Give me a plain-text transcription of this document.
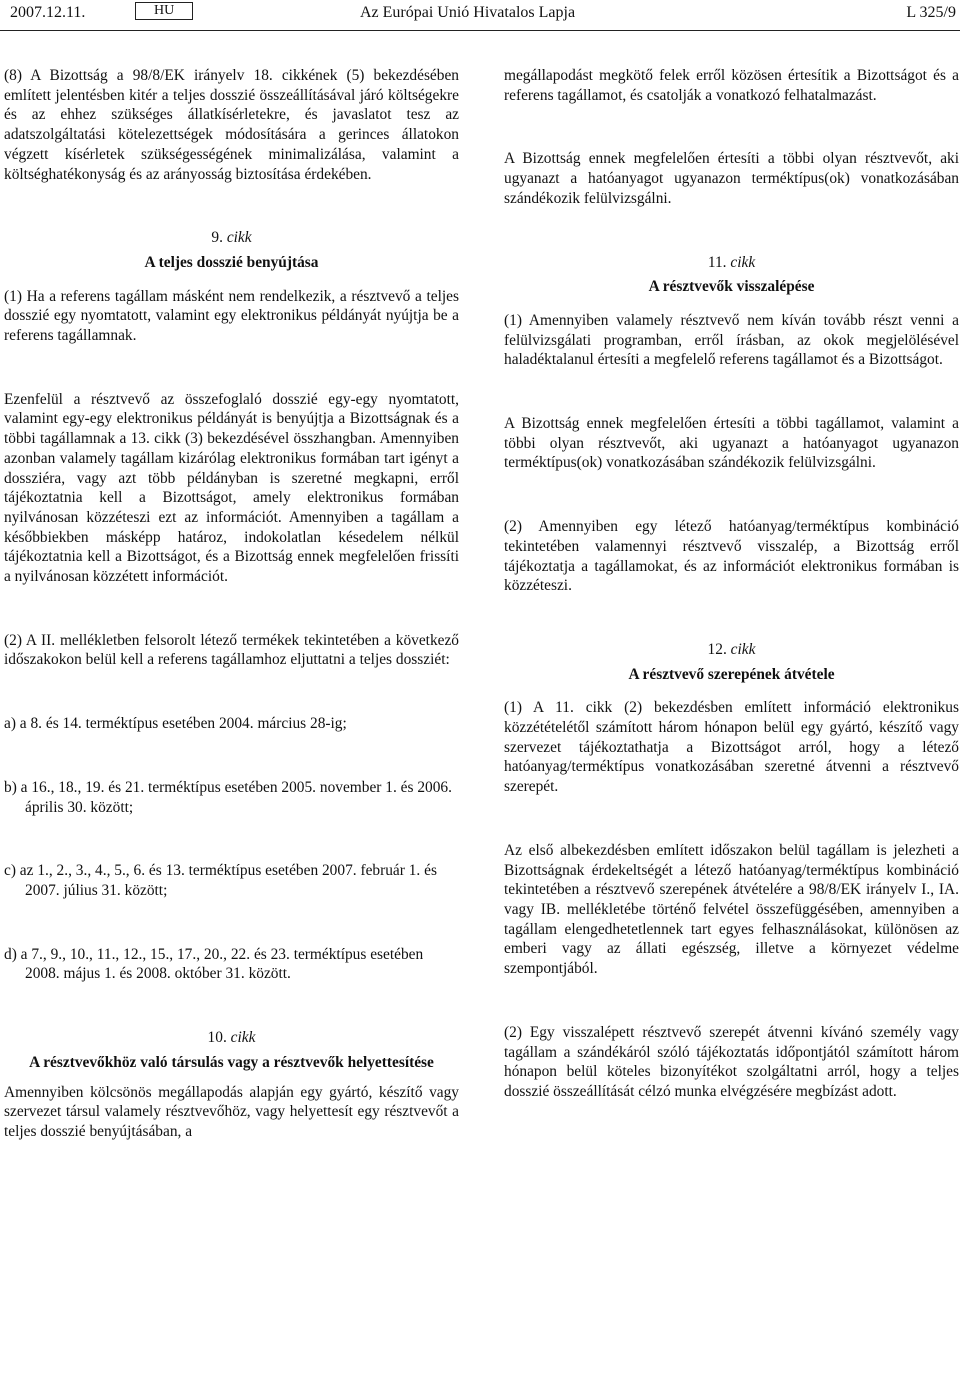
2007.12.11.	HU	Az Európai Unió Hivatalos Lapja	L 325/9

(8) A Bizottság a 98/8/EK irányelv 18. cikkének (5) bekezdésében említett jelentésben kitér a teljes dosszié összeállításával járó költségekre és az ehhez szükséges állatkísérletekre, és javaslatot tesz az adatszolgáltatási kötelezettségek módosítására a gerinces állatokon végzett kísérletek szükségességének minimalizálása, valamint a költséghatékonyság és az arányosság biztosítása érdekében.

9. cikk

A teljes dosszié benyújtása

(1) Ha a referens tagállam másként nem rendelkezik, a résztvevő a teljes dosszié egy nyomtatott, valamint egy elektronikus példányát nyújtja be a referens tagállamnak.

Ezenfelül a résztvevő az összefoglaló dosszié egy-egy nyomtatott, valamint egy-egy elektronikus példányát is benyújtja a Bizottságnak és a többi tagállamnak a 13. cikk (3) bekezdésével összhangban. Amennyiben azonban valamely tagállam kizárólag elektronikus formában tart igényt a dossziéra, vagy azt több példányban is szeretné megkapni, erről tájékoztatnia kell a Bizottságot, amely elektronikus formában nyilvánosan közzéteszi ezt az információt. Amennyiben a tagállam a későbbiekben másképp határoz, indokolatlan késedelem nélkül tájékoztatnia kell a Bizottságot, és a Bizottság ennek megfelelően frissíti a nyilvánosan közzétett információt.

(2) A II. mellékletben felsorolt létező termékek tekintetében a következő időszakokon belül kell a referens tagállamhoz eljuttatni a teljes dossziét:

a) a 8. és 14. terméktípus esetében 2004. március 28-ig;

b) a 16., 18., 19. és 21. terméktípus esetében 2005. november 1. és 2006. április 30. között;

c) az 1., 2., 3., 4., 5., 6. és 13. terméktípus esetében 2007. február 1. és 2007. július 31. között;

d) a 7., 9., 10., 11., 12., 15., 17., 20., 22. és 23. terméktípus esetében 2008. május 1. és 2008. október 31. között.

10. cikk

A résztvevőkhöz való társulás vagy a résztvevők helyettesítése

Amennyiben kölcsönös megállapodás alapján egy gyártó, készítő vagy szervezet társul valamely résztvevőhöz, vagy helyettesít egy résztvevőt a teljes dosszié benyújtásában, a

megállapodást megkötő felek erről közösen értesítik a Bizottságot és a referens tagállamot, és csatolják a vonatkozó felhatalmazást.

A Bizottság ennek megfelelően értesíti a többi olyan résztvevőt, aki ugyanazt a hatóanyagot ugyanazon terméktípus(ok) vonatkozásában szándékozik felülvizsgálni.

11. cikk

A résztvevők visszalépése

(1) Amennyiben valamely résztvevő nem kíván tovább részt venni a felülvizsgálati programban, erről írásban, az okok megjelölésével haladéktalanul értesíti a megfelelő referens tagállamot és a Bizottságot.

A Bizottság ennek megfelelően értesíti a többi tagállamot, valamint a többi olyan résztvevőt, aki ugyanazt a hatóanyagot ugyanazon terméktípus(ok) vonatkozásában szándékozik felülvizsgálni.

(2) Amennyiben egy létező hatóanyag/terméktípus kombináció tekintetében valamennyi résztvevő visszalép, a Bizottság erről tájékoztatja a tagállamokat, és az információt elektronikus formában is közzéteszi.

12. cikk

A résztvevő szerepének átvétele

(1) A 11. cikk (2) bekezdésben említett információ elektronikus közzétételétől számított három hónapon belül egy gyártó, készítő vagy szervezet tájékoztathatja a Bizottságot arról, hogy a létező hatóanyag/terméktípus vonatkozásában szeretné átvenni a résztvevő szerepét.

Az első albekezdésben említett időszakon belül tagállam is jelezheti a Bizottságnak érdekeltségét a létező hatóanyag/terméktípus kombináció tekintetében a résztvevő szerepének átvételére a 98/8/EK irányelv I., IA. vagy IB. mellékletébe történő felvétel összefüggésében, amennyiben a tagállam elengedhetetlennek tart egyes felhasználásokat, különösen az emberi vagy az állati egészség, illetve a környezet védelme szempontjából.

(2) Egy visszalépett résztvevő szerepét átvenni kívánó személy vagy tagállam a szándékáról szóló tájékoztatás időpontjától számított három hónapon belül köteles bizonyítékot szolgáltatni arról, hogy a teljes dosszié összeállítását célzó munka elvégzésére megbízást adott.
